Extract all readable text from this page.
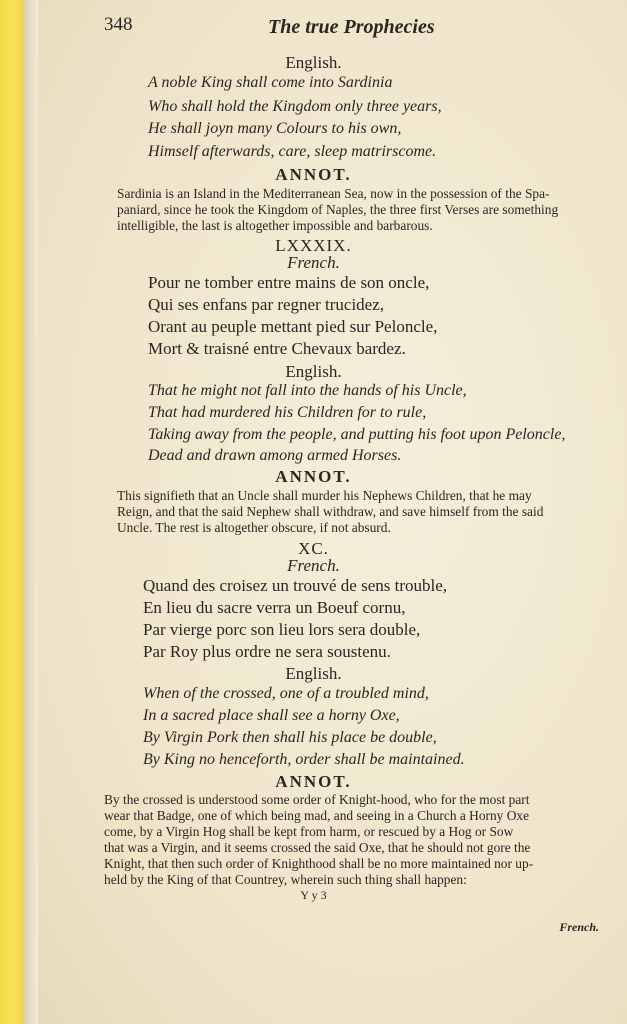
348	The true Prophecies
English.
A noble King shall come into Sardinia
Who shall hold the Kingdom only three years,
He shall joyn many Colours to his own,
Himself afterwards, care, sleep matrirscome.
ANNOT.
Sardinia is an Island in the Mediterranean Sea, now in the possession of the Spa-
paniard, since he took the Kingdom of Naples, the three first Verses are something
intelligible, the last is altogether impossible and barbarous.
LXXXIX.
French.
Pour ne tomber entre mains de son oncle,
Qui ses enfans par regner trucidez,
Orant au peuple mettant pied sur Peloncle,
Mort & traisné entre Chevaux bardez.
English.
That he might not fall into the hands of his Uncle,
That had murdered his Children for to rule,
Taking away from the people, and putting his foot upon Peloncle,
Dead and drawn among armed Horses.
ANNOT.
This signifieth that an Uncle shall murder his Nephews Children, that he may
Reign, and that the said Nephew shall withdraw, and save himself from the said
Uncle. The rest is altogether obscure, if not absurd.
XC.
French.
Quand des croisez un trouvé de sens trouble,
En lieu du sacre verra un Boeuf cornu,
Par vierge porc son lieu lors sera double,
Par Roy plus ordre ne sera soustenu.
English.
When of the crossed, one of a troubled mind,
In a sacred place shall see a horny Oxe,
By Virgin Pork then shall his place be double,
By King no henceforth, order shall be maintained.
ANNOT.
By the crossed is understood some order of Knight-hood, who for the most part
wear that Badge, one of which being mad, and seeing in a Church a Horny Oxe
come, by a Virgin Hog shall be kept from harm, or rescued by a Hog or Sow
that was a Virgin, and it seems crossed the said Oxe, that he should not gore the
Knight, that then such order of Knighthood shall be no more maintained nor up-
held by the King of that Countrey, wherein such thing shall happen:
Y y 3
French.
